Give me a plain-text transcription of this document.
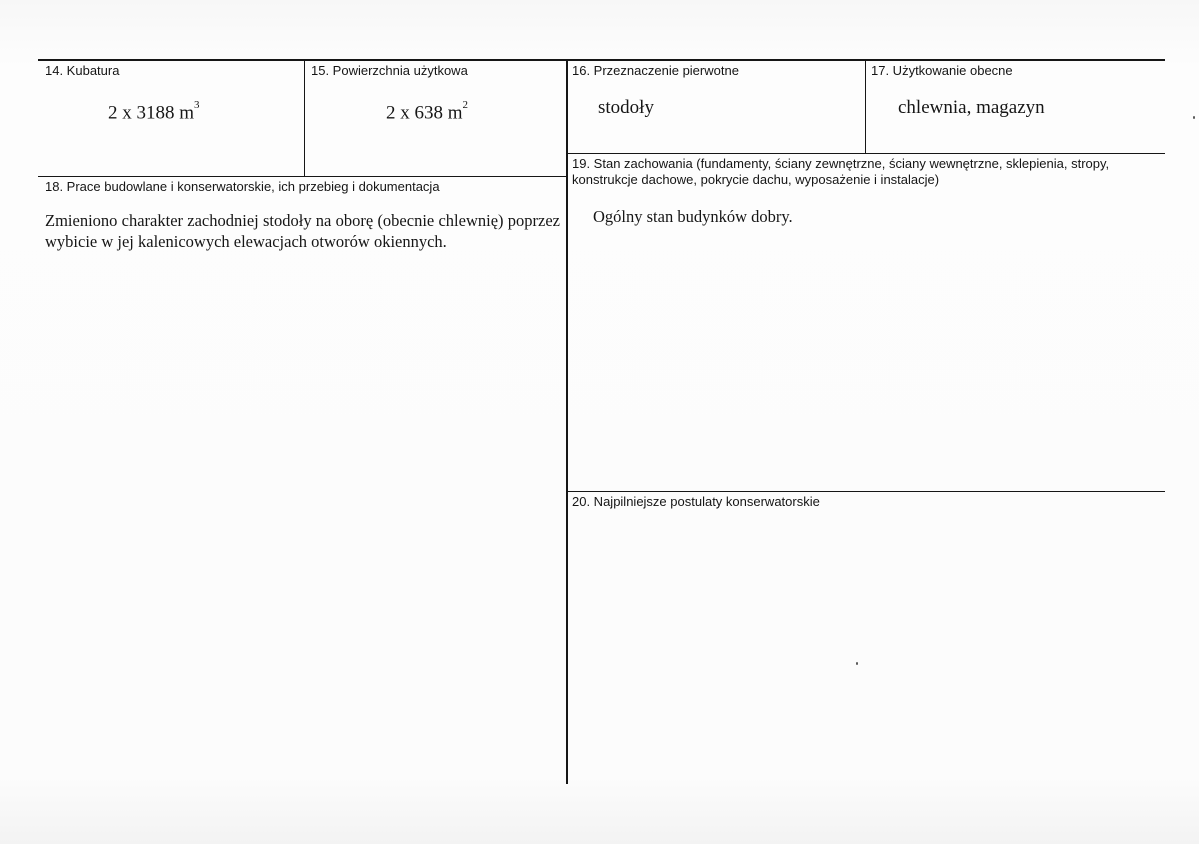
14. Kubatura
2 x 3188 $m^3$
15. Powierzchnia użytkowa
2 x 638 $m^2$
16. Przeznaczenie pierwotne
stodoły
17. Użytkowanie obecne
chlewnia, magazyn
18. Prace budowlane i konserwatorskie, ich przebieg i dokumentacja
Zmieniono charakter zachodniej stodoły na oborę (obecnie chlewnię) poprzez wybicie w jej kalenicowych elewacjach otworów okiennych.
19. Stan zachowania (fundamenty, ściany zewnętrzne, ściany wewnętrzne, sklepienia, stropy, konstrukcje dachowe, pokrycie dachu, wyposażenie i instalacje)
Ogólny stan budynków dobry.
20. Najpilniejsze postulaty konserwatorskie
